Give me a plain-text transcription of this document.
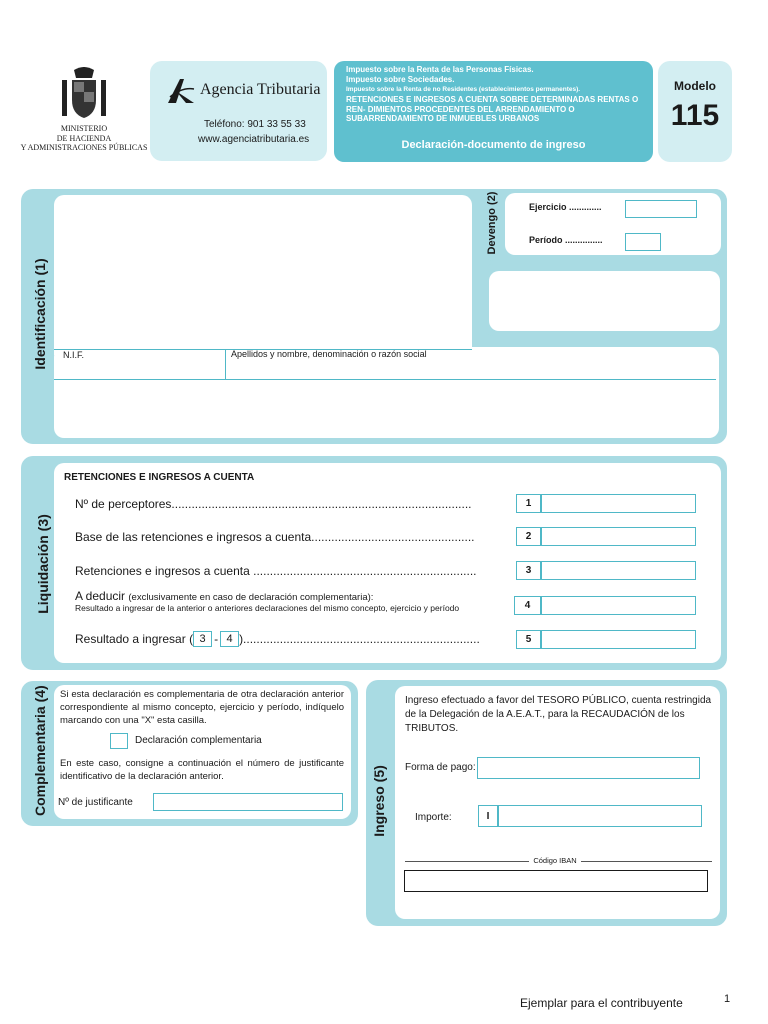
MINISTERIO
DE HACIENDA
Y ADMINISTRACIONES PÚBLICAS
Agencia Tributaria
Teléfono: 901 33 55 33
www.agenciatributaria.es
Impuesto sobre la Renta de las Personas Físicas.
Impuesto sobre Sociedades.
Impuesto sobre la Renta de no Residentes (establecimientos permanentes).
RETENCIONES E INGRESOS A CUENTA SOBRE DETERMINADAS RENTAS O REN- DIMIENTOS PROCEDENTES DEL ARRENDAMIENTO O SUBARRENDAMIENTO DE INMUEBLES URBANOS
Declaración-documento de ingreso
Modelo
115
Identificación (1) N.I.F.	Apellidos y nombre, denominación o razón social
Devengo (2)	Ejercicio .............
Período ...............
Liquidación (3)
RETENCIONES E INGRESOS A CUENTA
Nº de perceptores..........................................................................................	1
Base de las retenciones e ingresos a cuenta.................................................	2
Retenciones e ingresos a cuenta ...................................................................	3
A deducir (exclusivamente en caso de declaración complementaria):
Resultado a ingresar de la anterior o anteriores declaraciones del mismo concepto, ejercicio y período	4
Resultado a ingresar ( 3 - 4 ).......................................................................	5
Complementaria (4) Si esta declaración es complementaria de otra declaración anterior correspondiente al mismo concepto, ejercicio y período, indíquelo marcando con una "X" esta casilla.
Declaración complementaria
En este caso, consigne a continuación el número de justificante identificativo de la declaración anterior.
Nº de justificante	Ingreso (5)
Ingreso efectuado a favor del TESORO PÚBLICO, cuenta restringida de la Delegación de la A.E.A.T., para la RECAUDACIÓN de los TRIBUTOS.
Forma de pago:
Importe:	I
Código IBAN
Ejemplar para el contribuyente	1
